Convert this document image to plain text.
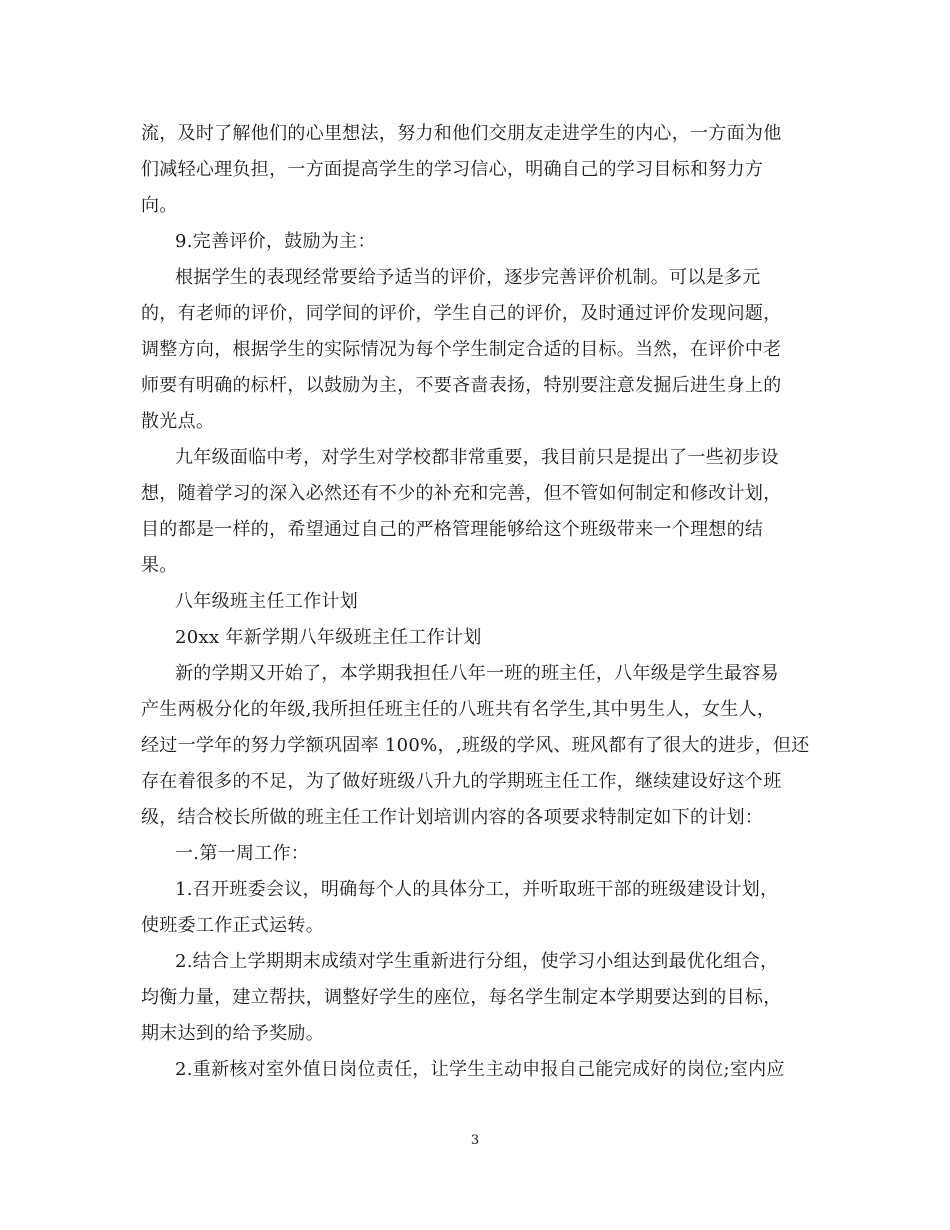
流，及时了解他们的心里想法，努力和他们交朋友走进学生的内心，一方面为他
们减轻心理负担，一方面提高学生的学习信心，明确自己的学习目标和努力方
向。
9.完善评价，鼓励为主：
根据学生的表现经常要给予适当的评价，逐步完善评价机制。可以是多元
的，有老师的评价，同学间的评价，学生自己的评价，及时通过评价发现问题，
调整方向，根据学生的实际情况为每个学生制定合适的目标。当然，在评价中老
师要有明确的标杆，以鼓励为主，不要吝啬表扬，特别要注意发掘后进生身上的
散光点。
九年级面临中考，对学生对学校都非常重要，我目前只是提出了一些初步设
想，随着学习的深入必然还有不少的补充和完善，但不管如何制定和修改计划，
目的都是一样的，希望通过自己的严格管理能够给这个班级带来一个理想的结
果。
八年级班主任工作计划
20xx 年新学期八年级班主任工作计划
新的学期又开始了，本学期我担任八年一班的班主任，八年级是学生最容易
产生两极分化的年级,我所担任班主任的八班共有名学生,其中男生人，女生人，
经过一学年的努力学额巩固率 100%，,班级的学风、班风都有了很大的进步，但还
存在着很多的不足，为了做好班级八升九的学期班主任工作，继续建设好这个班
级，结合校长所做的班主任工作计划培训内容的各项要求特制定如下的计划：
一.第一周工作：
1.召开班委会议，明确每个人的具体分工，并听取班干部的班级建设计划，
使班委工作正式运转。
2.结合上学期期末成绩对学生重新进行分组，使学习小组达到最优化组合，
均衡力量，建立帮扶，调整好学生的座位，每名学生制定本学期要达到的目标，
期末达到的给予奖励。
2.重新核对室外值日岗位责任，让学生主动申报自己能完成好的岗位;室内应
3
